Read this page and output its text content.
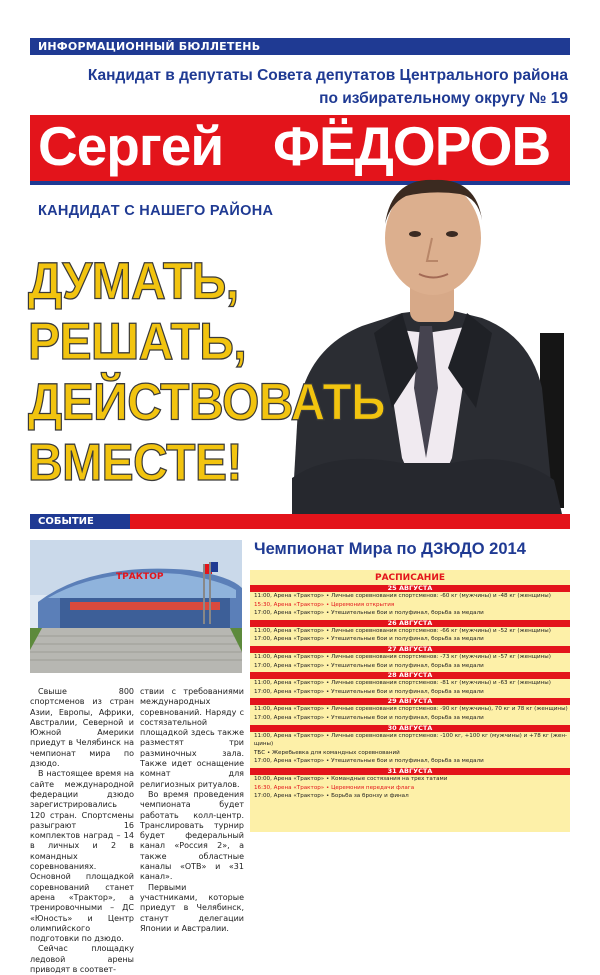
ИНФОРМАЦИОННЫЙ БЮЛЛЕТЕНЬ
Кандидат в депутаты Совета депутатов Центрального района
по избирательному округу № 19
Сергей ФЁДОРОВ
КАНДИДАТ С НАШЕГО РАЙОНА
ДУМАТЬ,
РЕШАТЬ,
ДЕЙСТВОВАТЬ
ВМЕСТЕ!
СОБЫТИЕ
ТРАКТОР
Чемпионат Мира по ДЗЮДО 2014

Свыше 800 спортсменов из стран Азии, Европы, Африки, Австралии, Северной и Южной Америки приедут в Челябинск на чемпионат мира по дзюдо.

В настоящее время на сайте международной федерации дзюдо зарегистрировались 120 стран. Спортсмены разыграют 16 комплектов наград – 14 в личных и 2 в командных соревнованиях. Основной площадкой соревнований станет арена «Трактор», а тренировочными – ДС «Юность» и Центр олимпийского подготовки по дзюдо.

Сейчас площадку ледовой арены приводят в соответ-

ствии с требованиями международных соревнований. Наряду с состязательной площадкой здесь также разместят три разминочных зала. Также идет оснащение комнат для религиозных ритуалов.

Во время проведения чемпионата будет работать колл-центр. Транслировать турнир будет федеральный канал «Россия 2», а также областные каналы «ОТВ» и «31 канал».

Первыми участниками, которые приедут в Челябинск, станут делегации Японии и Австралии.

РАСПИСАНИЕ
25 АВГУСТА
11:00, Арена «Трактор» • Личные соревнования спортсменов: -60 кг (мужчины) и -48 кг (женщины)
15:30, Арена «Трактор» • Церемония открытия
17:00, Арена «Трактор» • Утешительные бои и полуфинал, борьба за медали
26 АВГУСТА
11:00, Арена «Трактор» • Личные соревнования спортсменов: -66 кг (мужчины) и -52 кг (женщины)
17:00, Арена «Трактор» • Утешительные бои и полуфинал, борьба за медали
27 АВГУСТА
11:00, Арена «Трактор» • Личные соревнования спортсменов: -73 кг (мужчины) и -57 кг (женщины)
17:00, Арена «Трактор» • Утешительные бои и полуфинал, борьба за медали
28 АВГУСТА
11:00, Арена «Трактор» • Личные соревнования спортсменов: -81 кг (мужчины) и -63 кг (женщины)
17:00, Арена «Трактор» • Утешительные бои и полуфинал, борьба за медали
29 АВГУСТА
11:00, Арена «Трактор» • Личные соревнования спортсменов: -90 кг (мужчины), 70 кг и 78 кг (женщины)
17:00, Арена «Трактор» • Утешительные бои и полуфинал, борьба за медали
30 АВГУСТА
11:00, Арена «Трактор» • Личные соревнования спортсменов: -100 кг, +100 кг (мужчины) и +78 кг (жен-
щины)
ТБС • Жеребьевка для командных соревнований
17:00, Арена «Трактор» • Утешительные бои и полуфинал, борьба за медали
31 АВГУСТА
10:00, Арена «Трактор» • Командные состязания на трех татами
16:30, Арена «Трактор» • Церемония передачи флага
17:00, Арена «Трактор» • Борьба за бронзу и финал
